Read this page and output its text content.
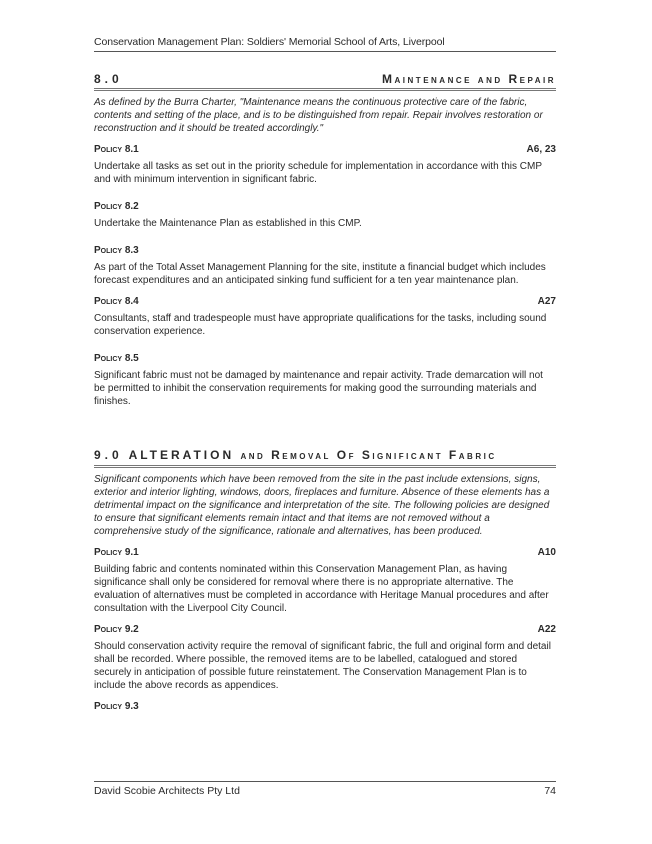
Conservation Management Plan: Soldiers' Memorial School of Arts, Liverpool
8.0	Maintenance and Repair

As defined by the Burra Charter, "Maintenance means the continuous protective care of the fabric, contents and setting of the place, and is to be distinguished from repair. Repair involves restoration or reconstruction and it should be treated accordingly."

Policy 8.1	A6, 23

Undertake all tasks as set out in the priority schedule for implementation in accordance with this CMP and with minimum intervention in significant fabric.

Policy 8.2

Undertake the Maintenance Plan as established in this CMP.

Policy 8.3

As part of the Total Asset Management Planning for the site, institute a financial budget which includes forecast expenditures and an anticipated sinking fund sufficient for a ten year maintenance plan.

Policy 8.4	A27

Consultants, staff and tradespeople must have appropriate qualifications for the tasks, including sound conservation experience.

Policy 8.5

Significant fabric must not be damaged by maintenance and repair activity. Trade demarcation will not be permitted to inhibit the conservation requirements for making good the surrounding materials and finishes.

9.0 ALTERATION and Removal Of Significant Fabric

Significant components which have been removed from the site in the past include extensions, signs, exterior and interior lighting, windows, doors, fireplaces and furniture. Absence of these elements has a detrimental impact on the significance and interpretation of the site. The following policies are designed to ensure that significant elements remain intact and that items are not removed without a comprehensive study of the significance, rationale and alternatives, has been produced.

Policy 9.1	A10

Building fabric and contents nominated within this Conservation Management Plan, as having significance shall only be considered for removal where there is no appropriate alternative. The evaluation of alternatives must be completed in accordance with Heritage Manual procedures and after consultation with the Liverpool City Council.

Policy 9.2	A22

Should conservation activity require the removal of significant fabric, the full and original form and detail shall be recorded. Where possible, the removed items are to be labelled, catalogued and stored securely in anticipation of possible future reinstatement. The Conservation Management Plan is to include the above records as appendices.

Policy 9.3
David Scobie Architects Pty Ltd	74
